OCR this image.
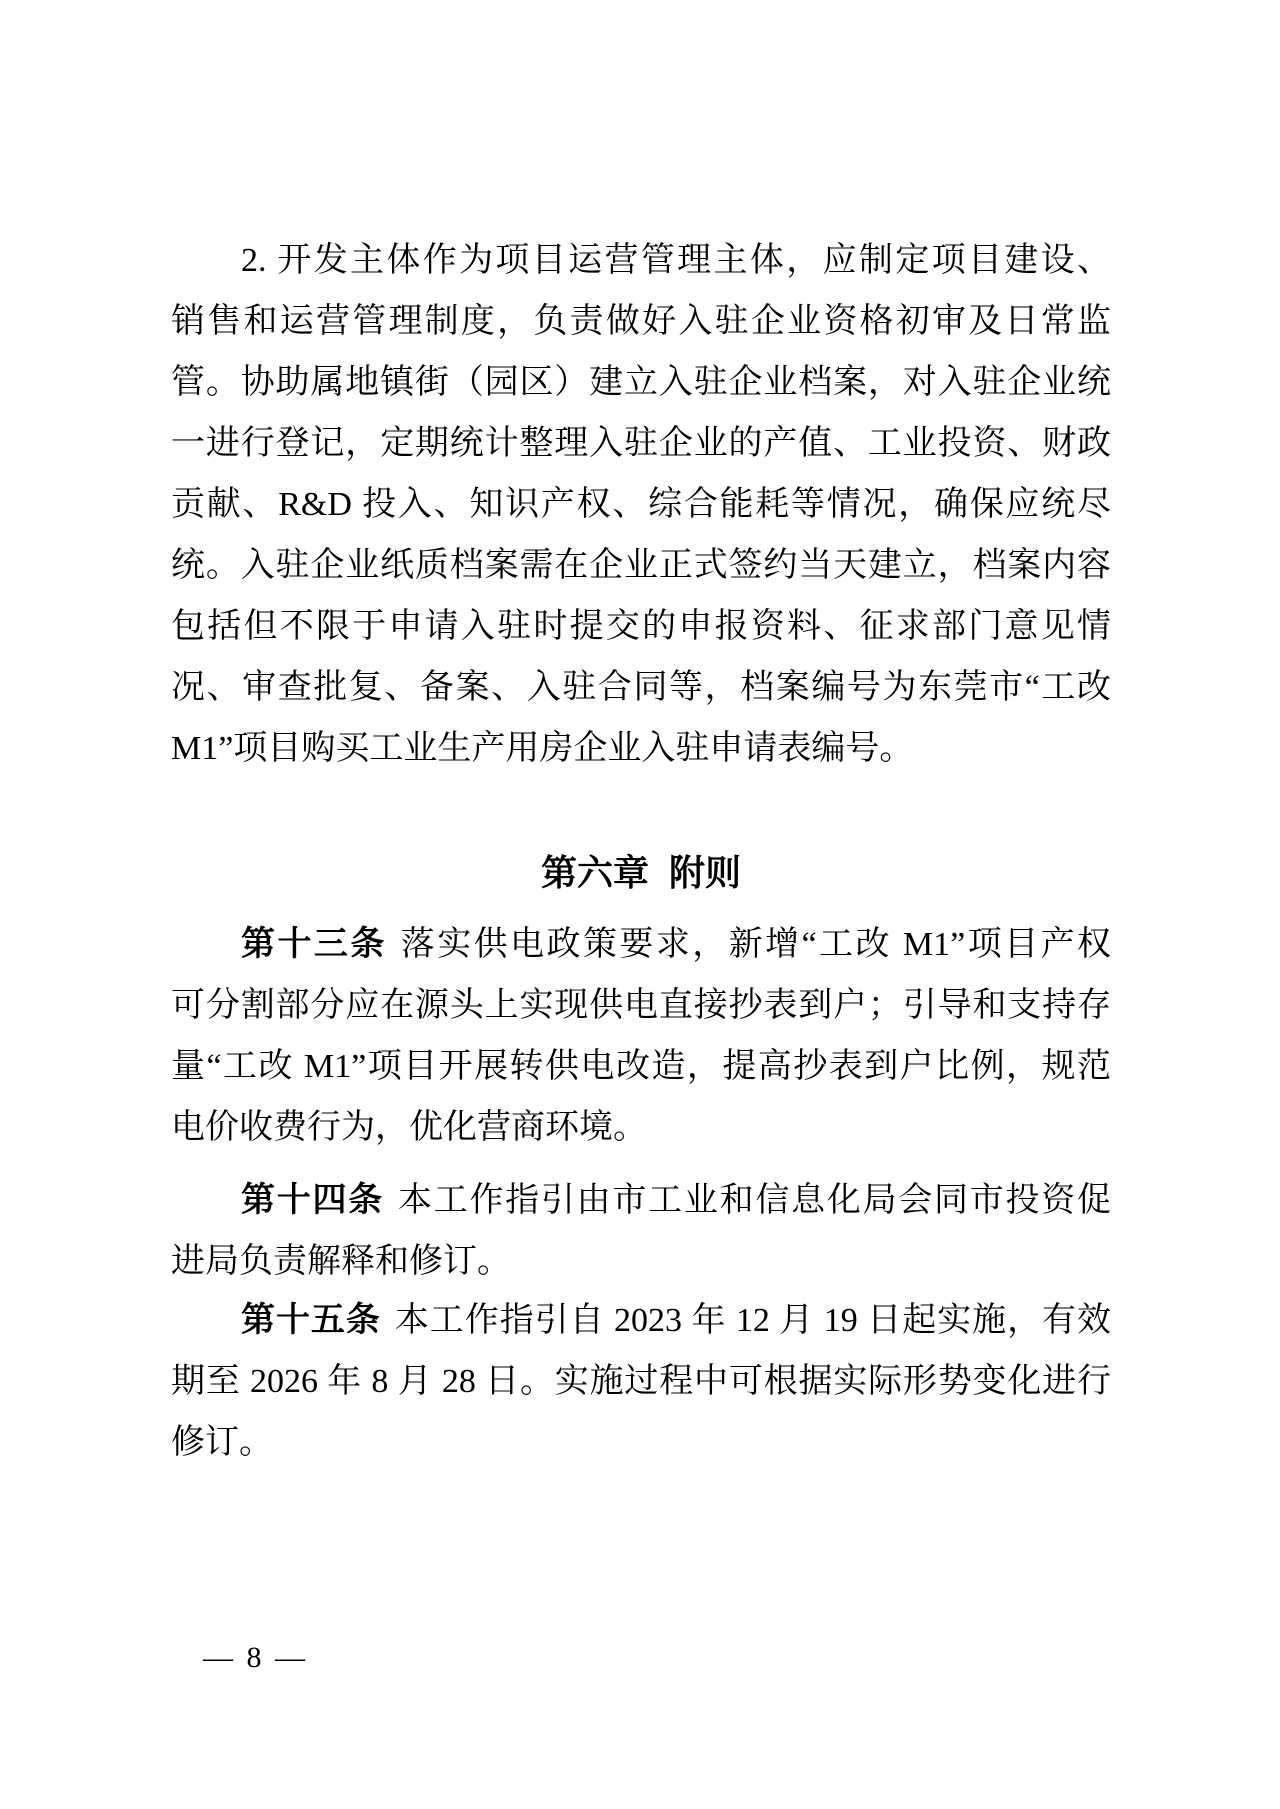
2. 开发主体作为项目运营管理主体，应制定项目建设、
销售和运营管理制度，负责做好入驻企业资格初审及日常监
管。协助属地镇街（园区）建立入驻企业档案，对入驻企业统
一进行登记，定期统计整理入驻企业的产值、工业投资、财政
贡献、R&D 投入、知识产权、综合能耗等情况，确保应统尽
统。入驻企业纸质档案需在企业正式签约当天建立，档案内容
包括但不限于申请入驻时提交的申报资料、征求部门意见情
况、审查批复、备案、入驻合同等，档案编号为东莞市“工改
M1”项目购买工业生产用房企业入驻申请表编号。
第六章 附则
第十三条 落实供电政策要求，新增“工改 M1”项目产权
可分割部分应在源头上实现供电直接抄表到户；引导和支持存
量“工改 M1”项目开展转供电改造，提高抄表到户比例，规范
电价收费行为，优化营商环境。
第十四条 本工作指引由市工业和信息化局会同市投资促
进局负责解释和修订。
第十五条 本工作指引自 2023 年 12 月 19 日起实施，有效
期至 2026 年 8 月 28 日。实施过程中可根据实际形势变化进行
修订。
— 8 —
